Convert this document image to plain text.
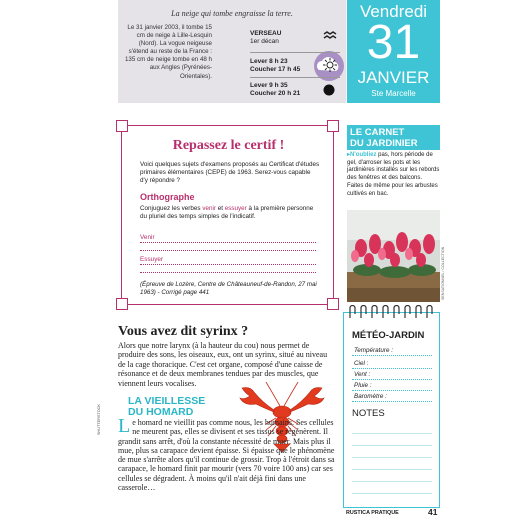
La neige qui tombe engraisse la terre.
Le 31 janvier 2003, il tombe 15 cm de neige à Lille-Lesquin (Nord). La vogue neigeuse s'étend au reste de la France : 135 cm de neige tombe en 48 h aux Angles (Pyrénées-Orientales).
VERSEAU
1er décan
Lever 8 h 23
Coucher 17 h 45
Lever 9 h 35
Coucher 20 h 21
Vendredi
31
JANVIER
Ste Marcelle
Repassez le certif !
Voici quelques sujets d'examens proposés au Certificat d'études primaires élémentaires (CEPE) de 1963. Serez-vous capable d'y répondre ?
Orthographe
Conjuguez les verbes venir et essuyer à la première personne du pluriel des temps simples de l'indicatif.
Venir
Essuyer
(Épreuve de Lozère, Centre de Châteauneuf-de-Randon, 27 mai 1963) - Corrigé page 441
LE CARNET
DU JARDINIER
▸N'oubliez pas, hors période de gel, d'arroser les pots et les jardinières installés sur les rebords des fenêtres et des balcons. Faites de même pour les arbustes cultivés en bac.
SENSATIONNEL / COLLECTION
Vous avez dit syrinx ?
Alors que notre larynx (à la hauteur du cou) nous permet de produire des sons, les oiseaux, eux, ont un syrinx, situé au niveau de la cage thoracique. C'est cet organe, composé d'une caisse de résonance et de deux membranes tendues par des muscles, que viennent leurs vocalises.
LA VIEILLESSE
DU HOMARD
Le homard ne vieillit pas comme nous, les humains. Ses cellules ne meurent pas, elles se divisent et ses tissus se régénèrent. Il grandit sans arrêt, d'où la constante nécessité de muer. Mais plus il mue, plus sa carapace devient épaisse. Si épaisse que le phénomène de mue s'arrête alors qu'il continue de grossir. Trop à l'étroit dans sa carapace, le homard finit par mourir (vers 70 voire 100 ans) car ses cellules se dégradent. À moins qu'il n'ait déjà fini dans une casserole…
MÉTÉO-JARDIN
Température :
Ciel :
Vent :
Pluie :
Baromètre :
NOTES
SHUTTERSTOCK
RUSTICA PRATIQUE	41
